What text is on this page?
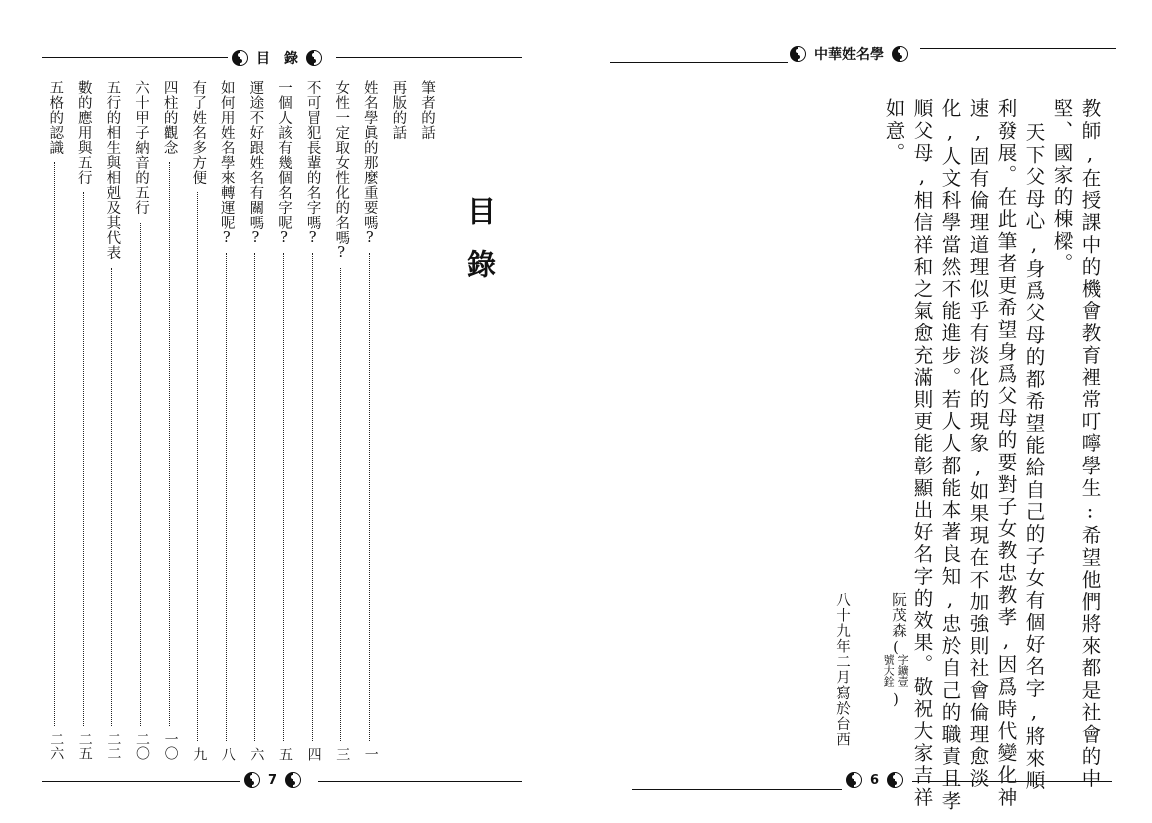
目　錄
目錄
筆者的話
再版的話
姓名學眞的那麼重要嗎?
一
女性一定取女性化的名嗎?
三
不可冒犯長輩的名字嗎?
四
一個人該有幾個名字呢?
五
運途不好跟姓名有關嗎?
六
如何用姓名學來轉運呢?
八
有了姓名多方便
九
四柱的觀念
一〇
六十甲子納音的五行
二〇
五行的相生與相剋及其代表
二二
數的應用與五行
二五
五格的認識
二六
7
中華姓名學
教師,在授課中的機會教育裡常叮嚀學生:希望他們將來都是社會的中
堅、國家的棟樑。
天下父母心,身爲父母的都希望能給自己的子女有個好名字,將來順
利發展。在此筆者更希望身爲父母的要對子女教忠教孝,因爲時代變化神
速,固有倫理道理似乎有淡化的現象,如果現在不加強則社會倫理愈淡
化,人文科學當然不能進步。若人人都能本著良知,忠於自己的職責且孝
順父母,相信祥和之氣愈充滿則更能彰顯出好名字的效果。敬祝大家吉祥
如意。
阮茂森
(
字鑛壹
號大銓
)
八十九年二月寫於台西
6
